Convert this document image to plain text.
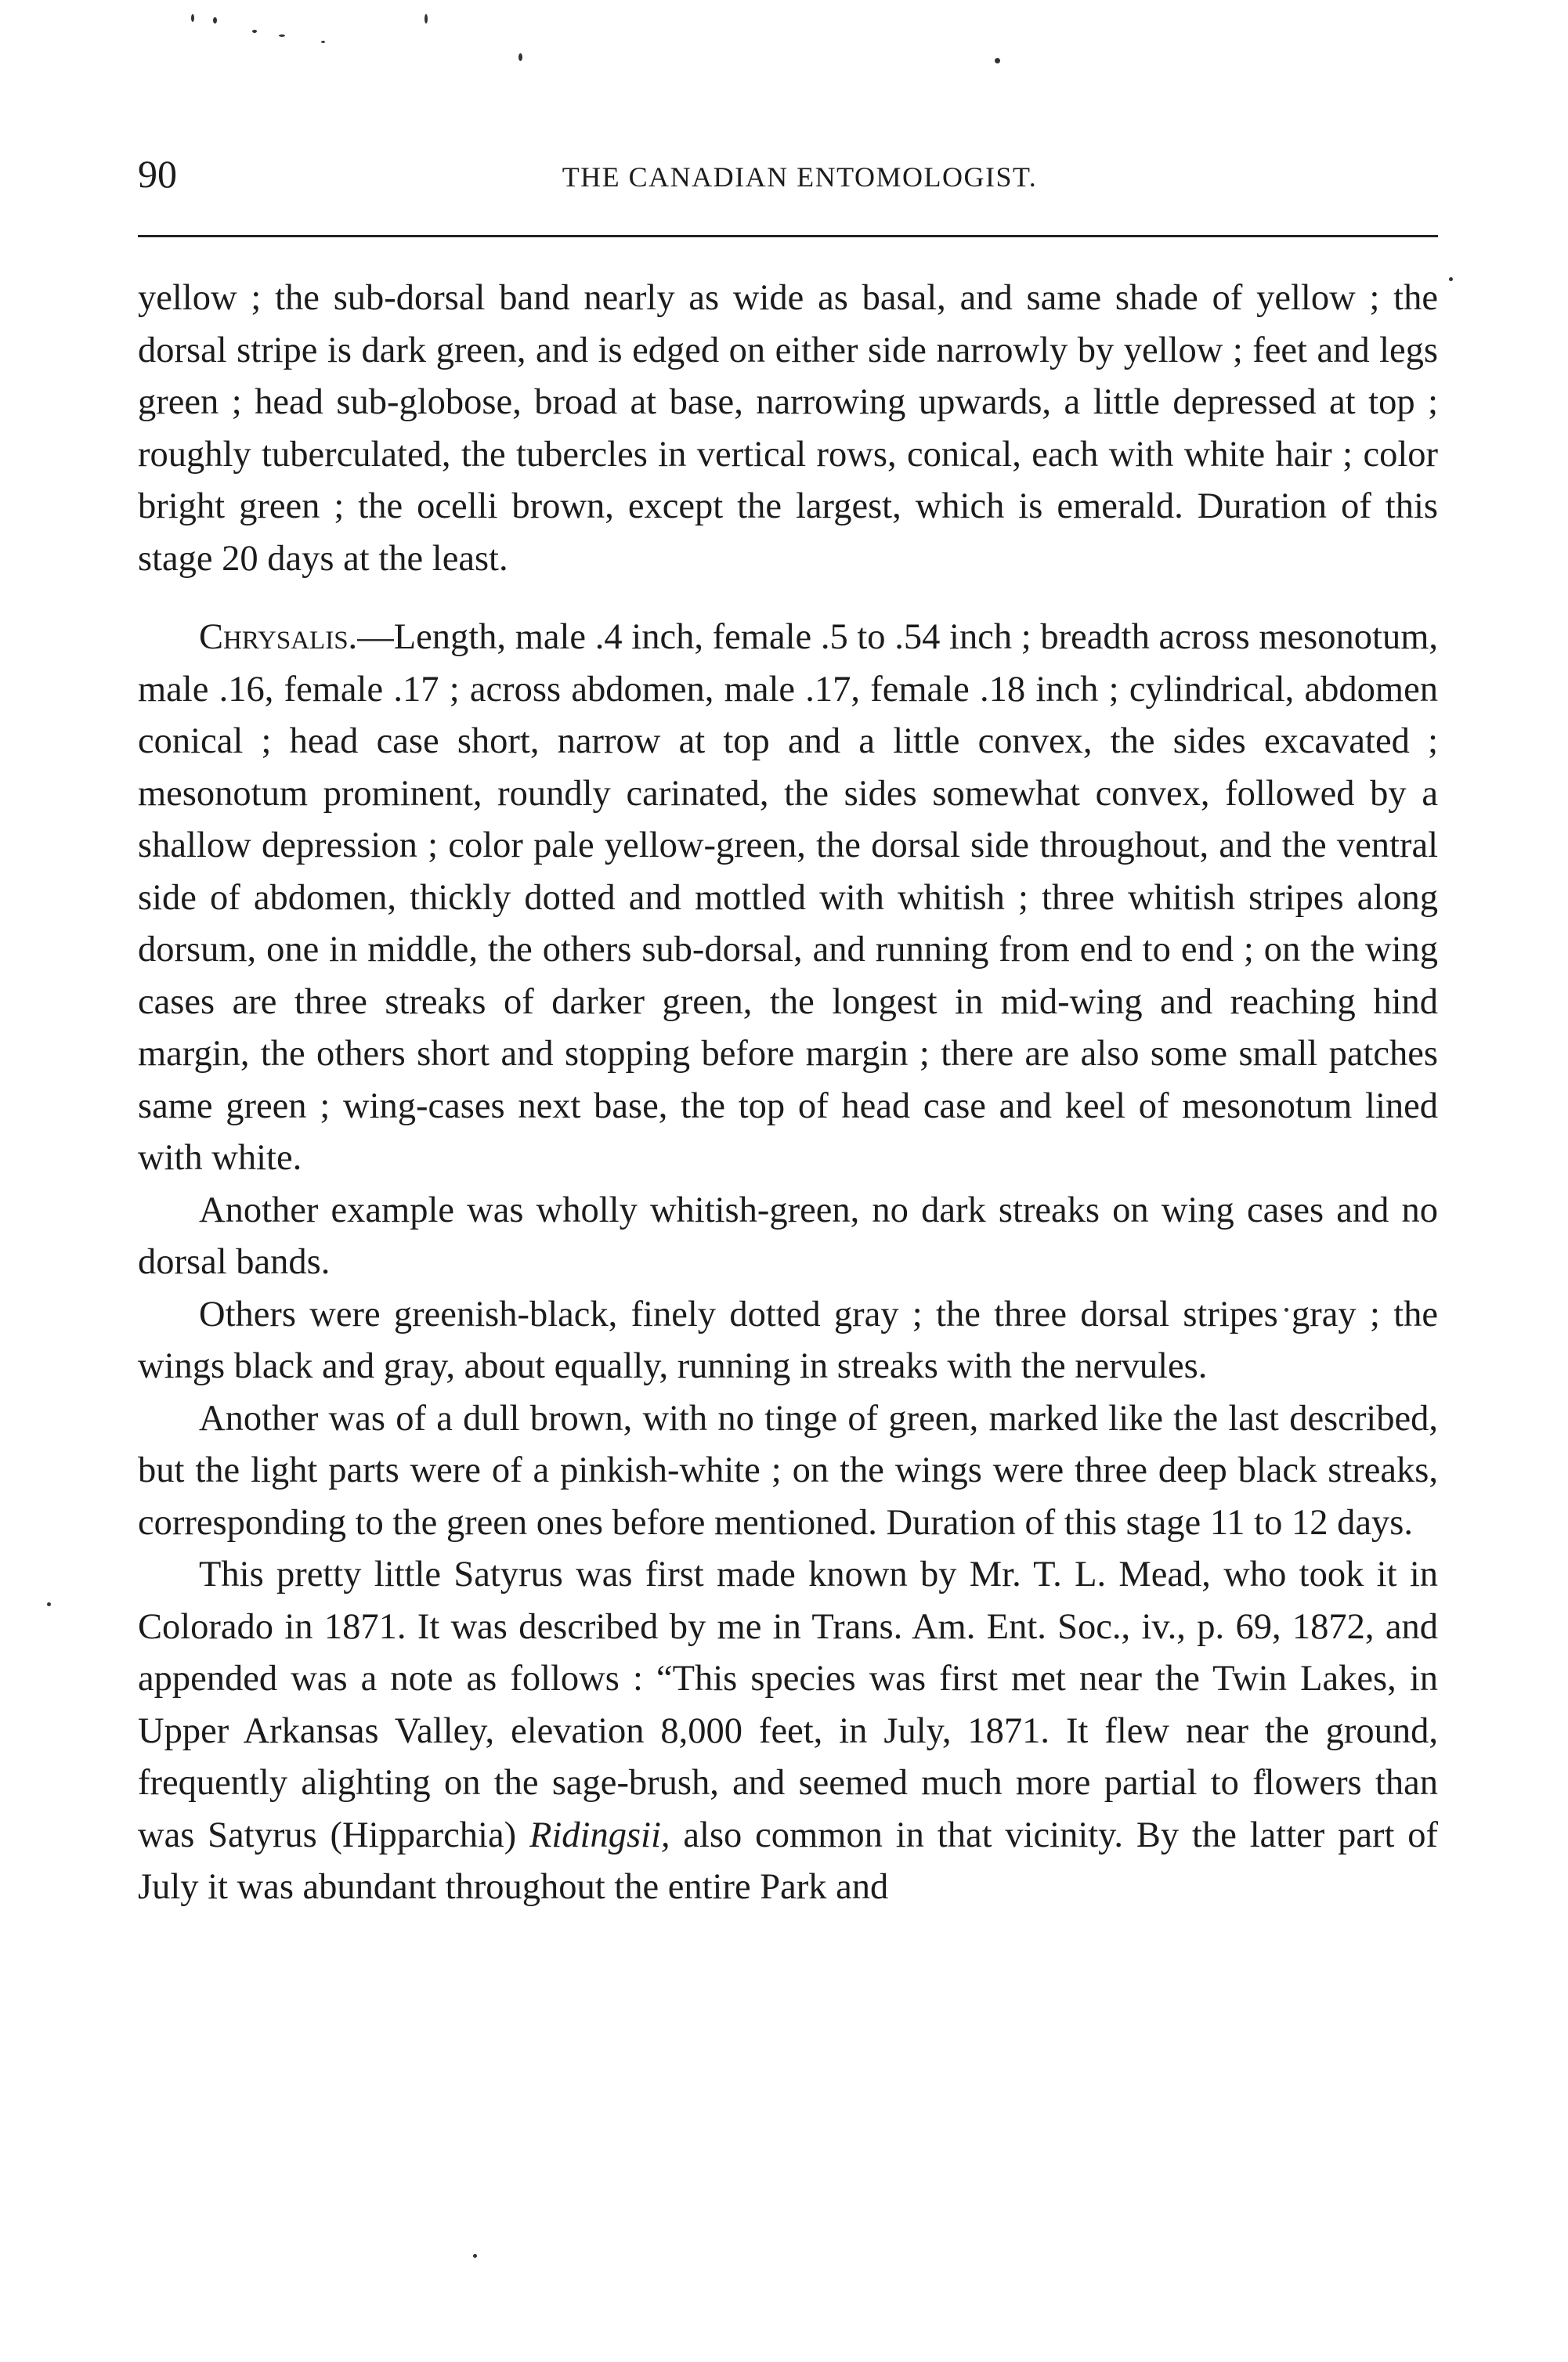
90	THE CANADIAN ENTOMOLOGIST.

yellow ; the sub-dorsal band nearly as wide as basal, and same shade of yellow ; the dorsal stripe is dark green, and is edged on either side narrowly by yellow ; feet and legs green ; head sub-globose, broad at base, narrowing upwards, a little depressed at top ; roughly tuberculated, the tubercles in vertical rows, conical, each with white hair ; color bright green ; the ocelli brown, except the largest, which is emerald. Duration of this stage 20 days at the least.

Chrysalis.—Length, male .4 inch, female .5 to .54 inch ; breadth across mesonotum, male .16, female .17 ; across abdomen, male .17, female .18 inch ; cylindrical, abdomen conical ; head case short, narrow at top and a little convex, the sides excavated ; mesonotum prominent, roundly carinated, the sides somewhat convex, followed by a shallow depression ; color pale yellow-green, the dorsal side throughout, and the ventral side of abdomen, thickly dotted and mottled with whitish ; three whitish stripes along dorsum, one in middle, the others sub-dorsal, and running from end to end ; on the wing cases are three streaks of darker green, the longest in mid-wing and reaching hind margin, the others short and stopping before margin ; there are also some small patches same green ; wing-cases next base, the top of head case and keel of mesonotum lined with white.

Another example was wholly whitish-green, no dark streaks on wing cases and no dorsal bands.

Others were greenish-black, finely dotted gray ; the three dorsal stripes gray ; the wings black and gray, about equally, running in streaks with the nervules.

Another was of a dull brown, with no tinge of green, marked like the last described, but the light parts were of a pinkish-white ; on the wings were three deep black streaks, corresponding to the green ones before mentioned. Duration of this stage 11 to 12 days.

This pretty little Satyrus was first made known by Mr. T. L. Mead, who took it in Colorado in 1871. It was described by me in Trans. Am. Ent. Soc., iv., p. 69, 1872, and appended was a note as follows : “This species was first met near the Twin Lakes, in Upper Arkansas Valley, elevation 8,000 feet, in July, 1871. It flew near the ground, frequently alighting on the sage-brush, and seemed much more partial to flowers than was Satyrus (Hipparchia) Ridingsii, also common in that vicinity. By the latter part of July it was abundant throughout the entire Park and
